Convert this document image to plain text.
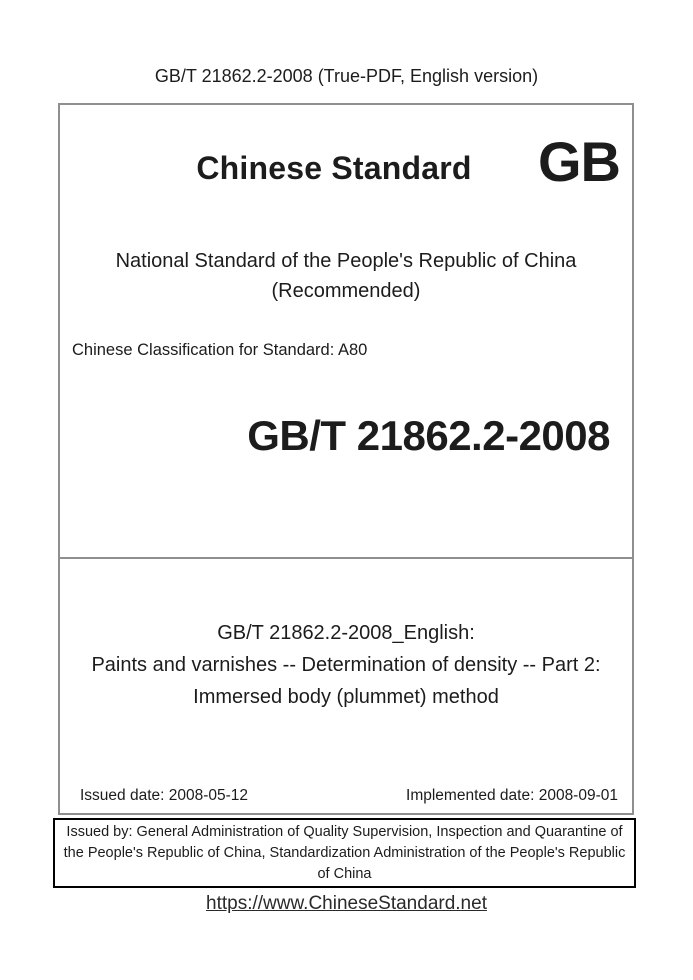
GB/T 21862.2-2008 (True-PDF, English version)
Chinese Standard	GB
National Standard of the People's Republic of China
(Recommended)
Chinese Classification for Standard: A80
GB/T 21862.2-2008
GB/T 21862.2-2008_English:
Paints and varnishes -- Determination of density -- Part 2:
Immersed body (plummet) method
Issued date: 2008-05-12	Implemented date: 2008-09-01
Issued by: General Administration of Quality Supervision, Inspection and Quarantine of the People's Republic of China, Standardization Administration of the People's Republic of China
https://www.ChineseStandard.net
